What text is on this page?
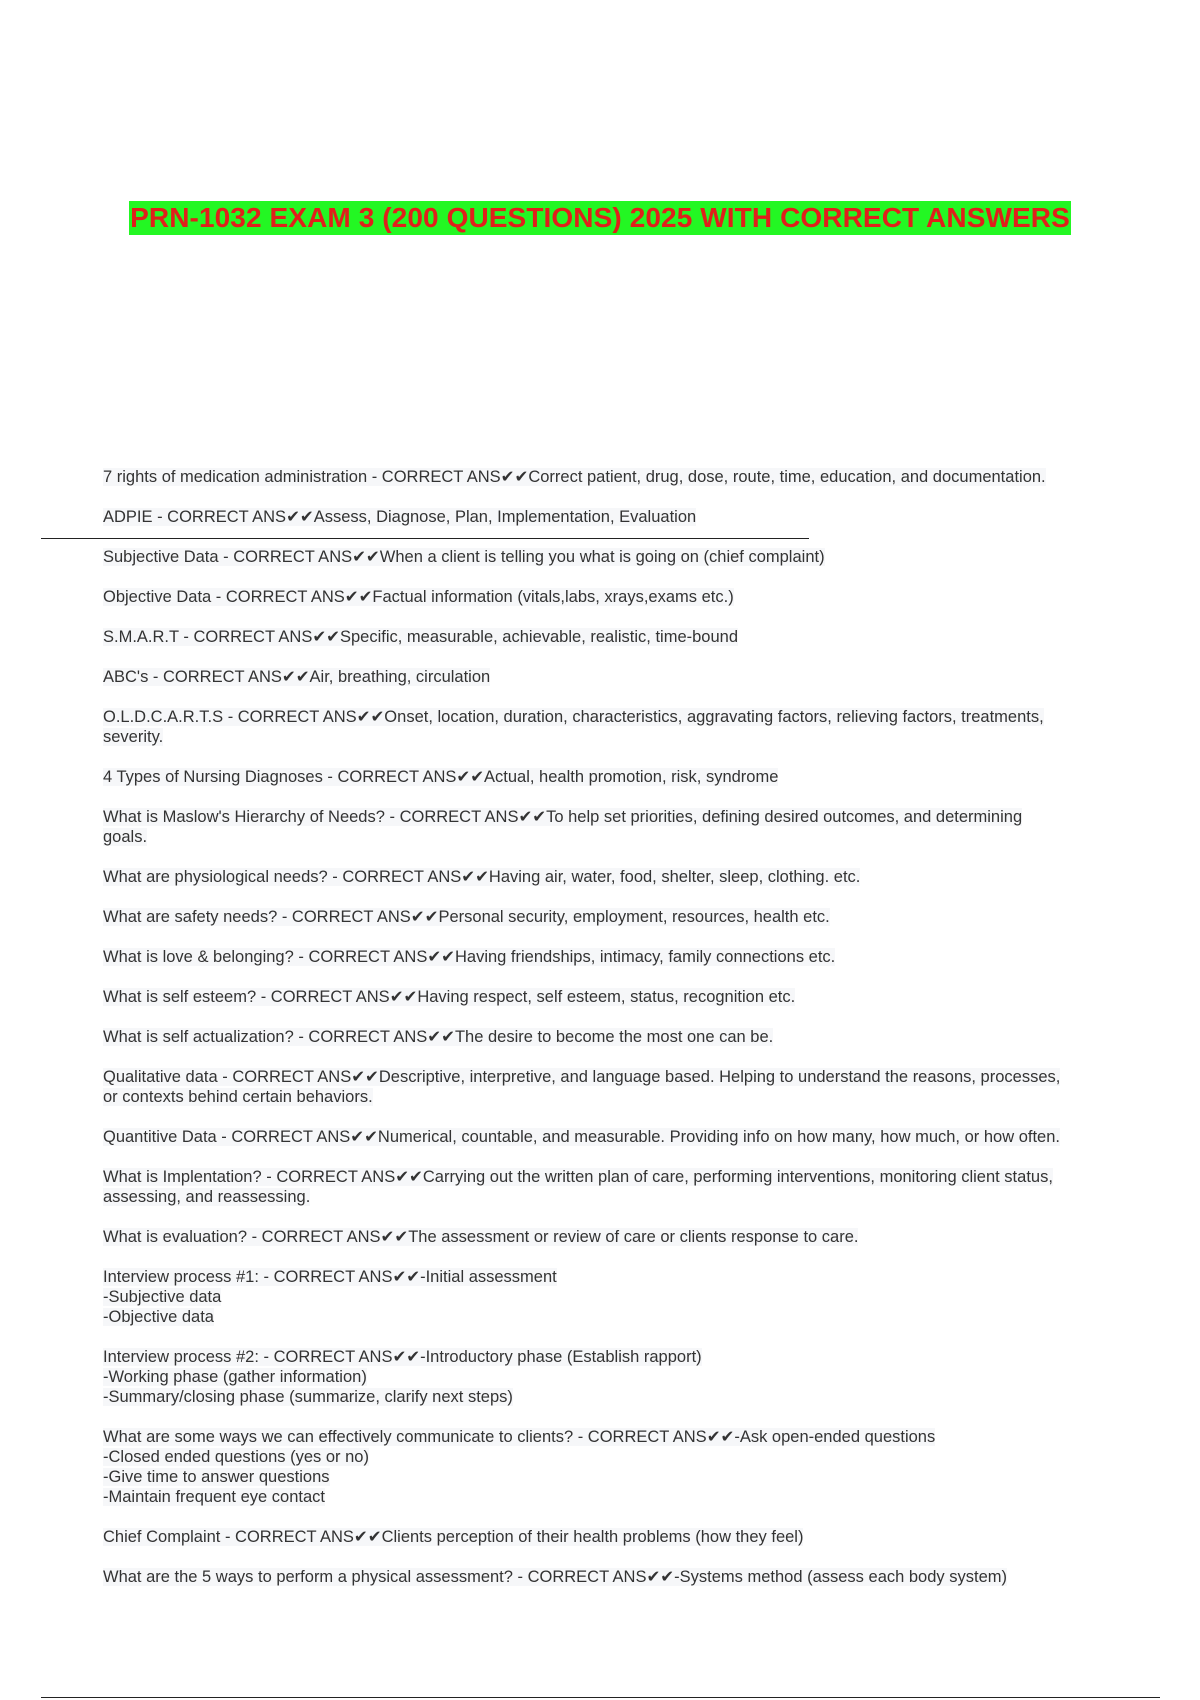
PRN-1032 EXAM 3 (200 QUESTIONS) 2025 WITH CORRECT ANSWERS
7 rights of medication administration - CORRECT ANS✔✔Correct patient, drug, dose, route, time, education, and documentation.
ADPIE - CORRECT ANS✔✔Assess, Diagnose, Plan, Implementation, Evaluation
Subjective Data - CORRECT ANS✔✔When a client is telling you what is going on (chief complaint)
Objective Data - CORRECT ANS✔✔Factual information (vitals,labs, xrays,exams etc.)
S.M.A.R.T - CORRECT ANS✔✔Specific, measurable, achievable, realistic, time-bound
ABC's - CORRECT ANS✔✔Air, breathing, circulation
O.L.D.C.A.R.T.S - CORRECT ANS✔✔Onset, location, duration, characteristics, aggravating factors, relieving factors, treatments,
severity.
4 Types of Nursing Diagnoses - CORRECT ANS✔✔Actual, health promotion, risk, syndrome
What is Maslow's Hierarchy of Needs? - CORRECT ANS✔✔To help set priorities, defining desired outcomes, and determining
goals.
What are physiological needs? - CORRECT ANS✔✔Having air, water, food, shelter, sleep, clothing. etc.
What are safety needs? - CORRECT ANS✔✔Personal security, employment, resources, health etc.
What is love & belonging? - CORRECT ANS✔✔Having friendships, intimacy, family connections etc.
What is self esteem? - CORRECT ANS✔✔Having respect, self esteem, status, recognition etc.
What is self actualization? - CORRECT ANS✔✔The desire to become the most one can be.
Qualitative data - CORRECT ANS✔✔Descriptive, interpretive, and language based. Helping to understand the reasons, processes,
or contexts behind certain behaviors.
Quantitive Data - CORRECT ANS✔✔Numerical, countable, and measurable. Providing info on how many, how much, or how often.
What is Implentation? - CORRECT ANS✔✔Carrying out the written plan of care, performing interventions, monitoring client status,
assessing, and reassessing.
What is evaluation? - CORRECT ANS✔✔The assessment or review of care or clients response to care.
Interview process #1: - CORRECT ANS✔✔-Initial assessment
-Subjective data
-Objective data
Interview process #2: - CORRECT ANS✔✔-Introductory phase (Establish rapport)
-Working phase (gather information)
-Summary/closing phase (summarize, clarify next steps)
What are some ways we can effectively communicate to clients? - CORRECT ANS✔✔-Ask open-ended questions
-Closed ended questions (yes or no)
-Give time to answer questions
-Maintain frequent eye contact
Chief Complaint - CORRECT ANS✔✔Clients perception of their health problems (how they feel)
What are the 5 ways to perform a physical assessment? - CORRECT ANS✔✔-Systems method (assess each body system)
